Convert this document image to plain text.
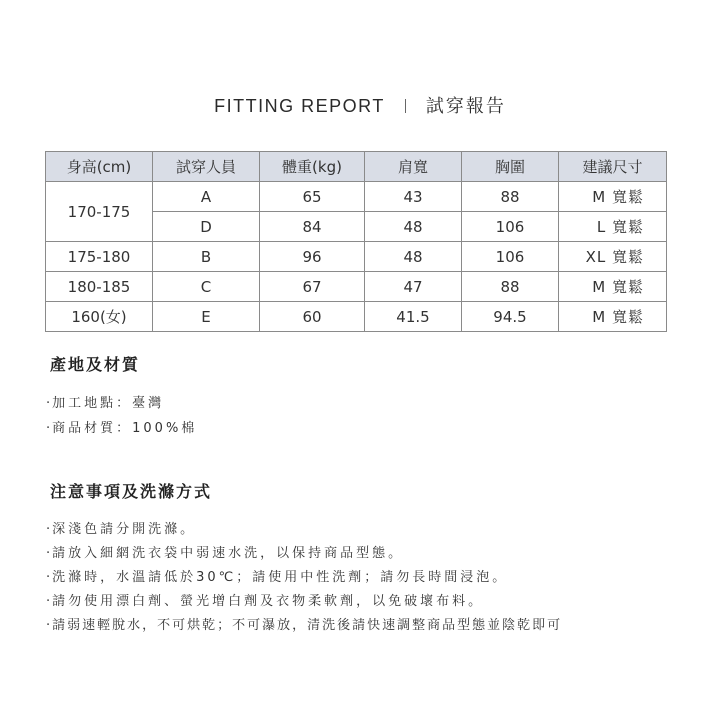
FITTING REPORT 試穿報告
身高(cm)	試穿人員	體重(kg)	肩寬	胸圍	建議尺寸
170-175	A	65	43	88	M 寬鬆
	D	84	48	106	L 寬鬆
175-180	B	96	48	106	XL 寬鬆
180-185	C	67	47	88	M 寬鬆
160(女)	E	60	41.5	94.5	M 寬鬆
產地及材質
· 加工地點：臺灣
· 商品材質：100%棉
注意事項及洗滌方式
· 深淺色請分開洗滌。
· 請放入細網洗衣袋中弱速水洗，以保持商品型態。
· 洗滌時，水溫請低於30℃；請使用中性洗劑；請勿長時間浸泡。
· 請勿使用漂白劑、螢光增白劑及衣物柔軟劑，以免破壞布料。
· 請弱速輕脫水，不可烘乾；不可瀑放，清洗後請快速調整商品型態並陰乾即可
